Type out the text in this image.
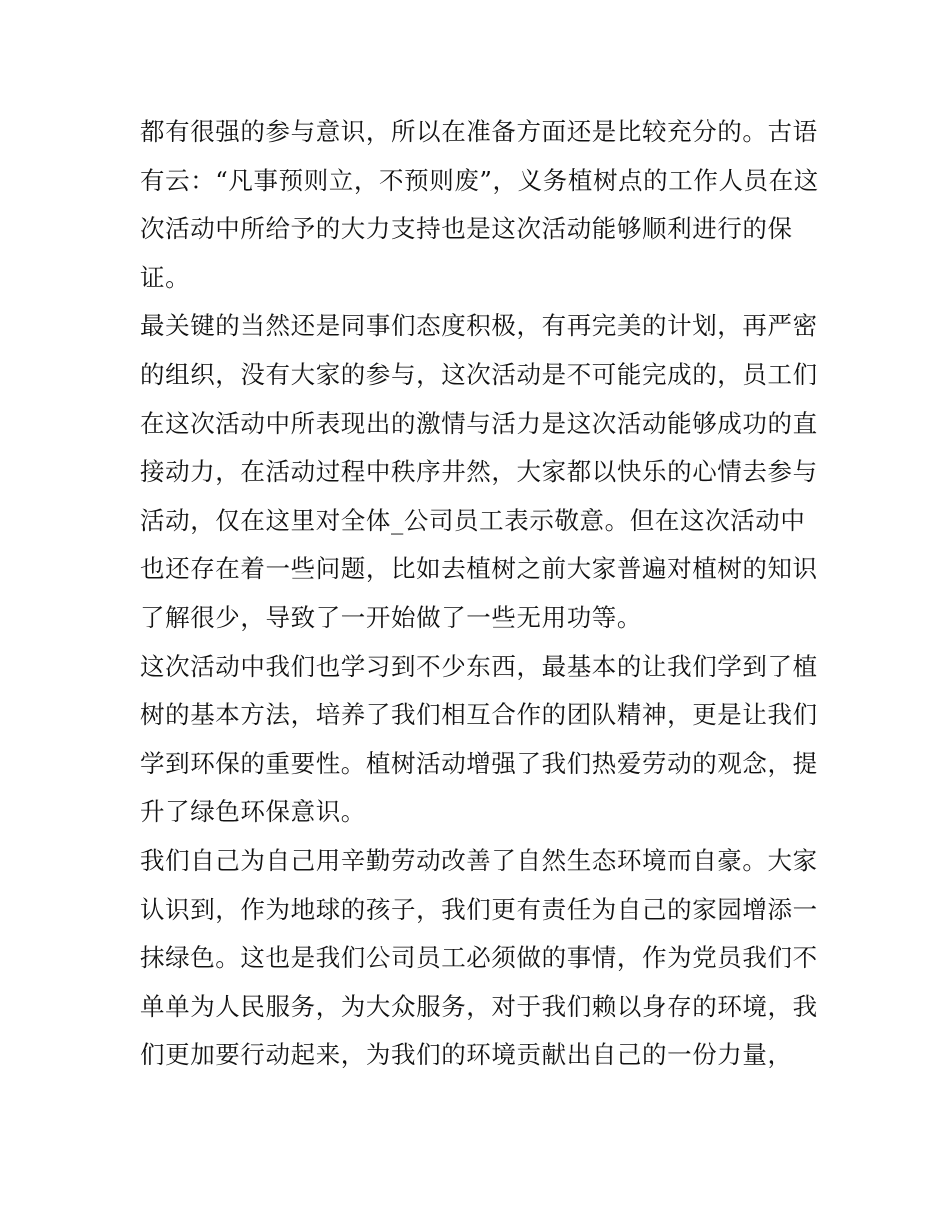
都有很强的参与意识，所以在准备方面还是比较充分的。古语
有云：“凡事预则立，不预则废”，义务植树点的工作人员在这
次活动中所给予的大力支持也是这次活动能够顺利进行的保
证。
最关键的当然还是同事们态度积极，有再完美的计划，再严密
的组织，没有大家的参与，这次活动是不可能完成的，员工们
在这次活动中所表现出的激情与活力是这次活动能够成功的直
接动力，在活动过程中秩序井然，大家都以快乐的心情去参与
活动，仅在这里对全体_公司员工表示敬意。但在这次活动中
也还存在着一些问题，比如去植树之前大家普遍对植树的知识
了解很少，导致了一开始做了一些无用功等。
这次活动中我们也学习到不少东西，最基本的让我们学到了植
树的基本方法，培养了我们相互合作的团队精神，更是让我们
学到环保的重要性。植树活动增强了我们热爱劳动的观念，提
升了绿色环保意识。
我们自己为自己用辛勤劳动改善了自然生态环境而自豪。大家
认识到，作为地球的孩子，我们更有责任为自己的家园增添一
抹绿色。这也是我们公司员工必须做的事情，作为党员我们不
单单为人民服务，为大众服务，对于我们赖以身存的环境，我
们更加要行动起来，为我们的环境贡献出自己的一份力量，
